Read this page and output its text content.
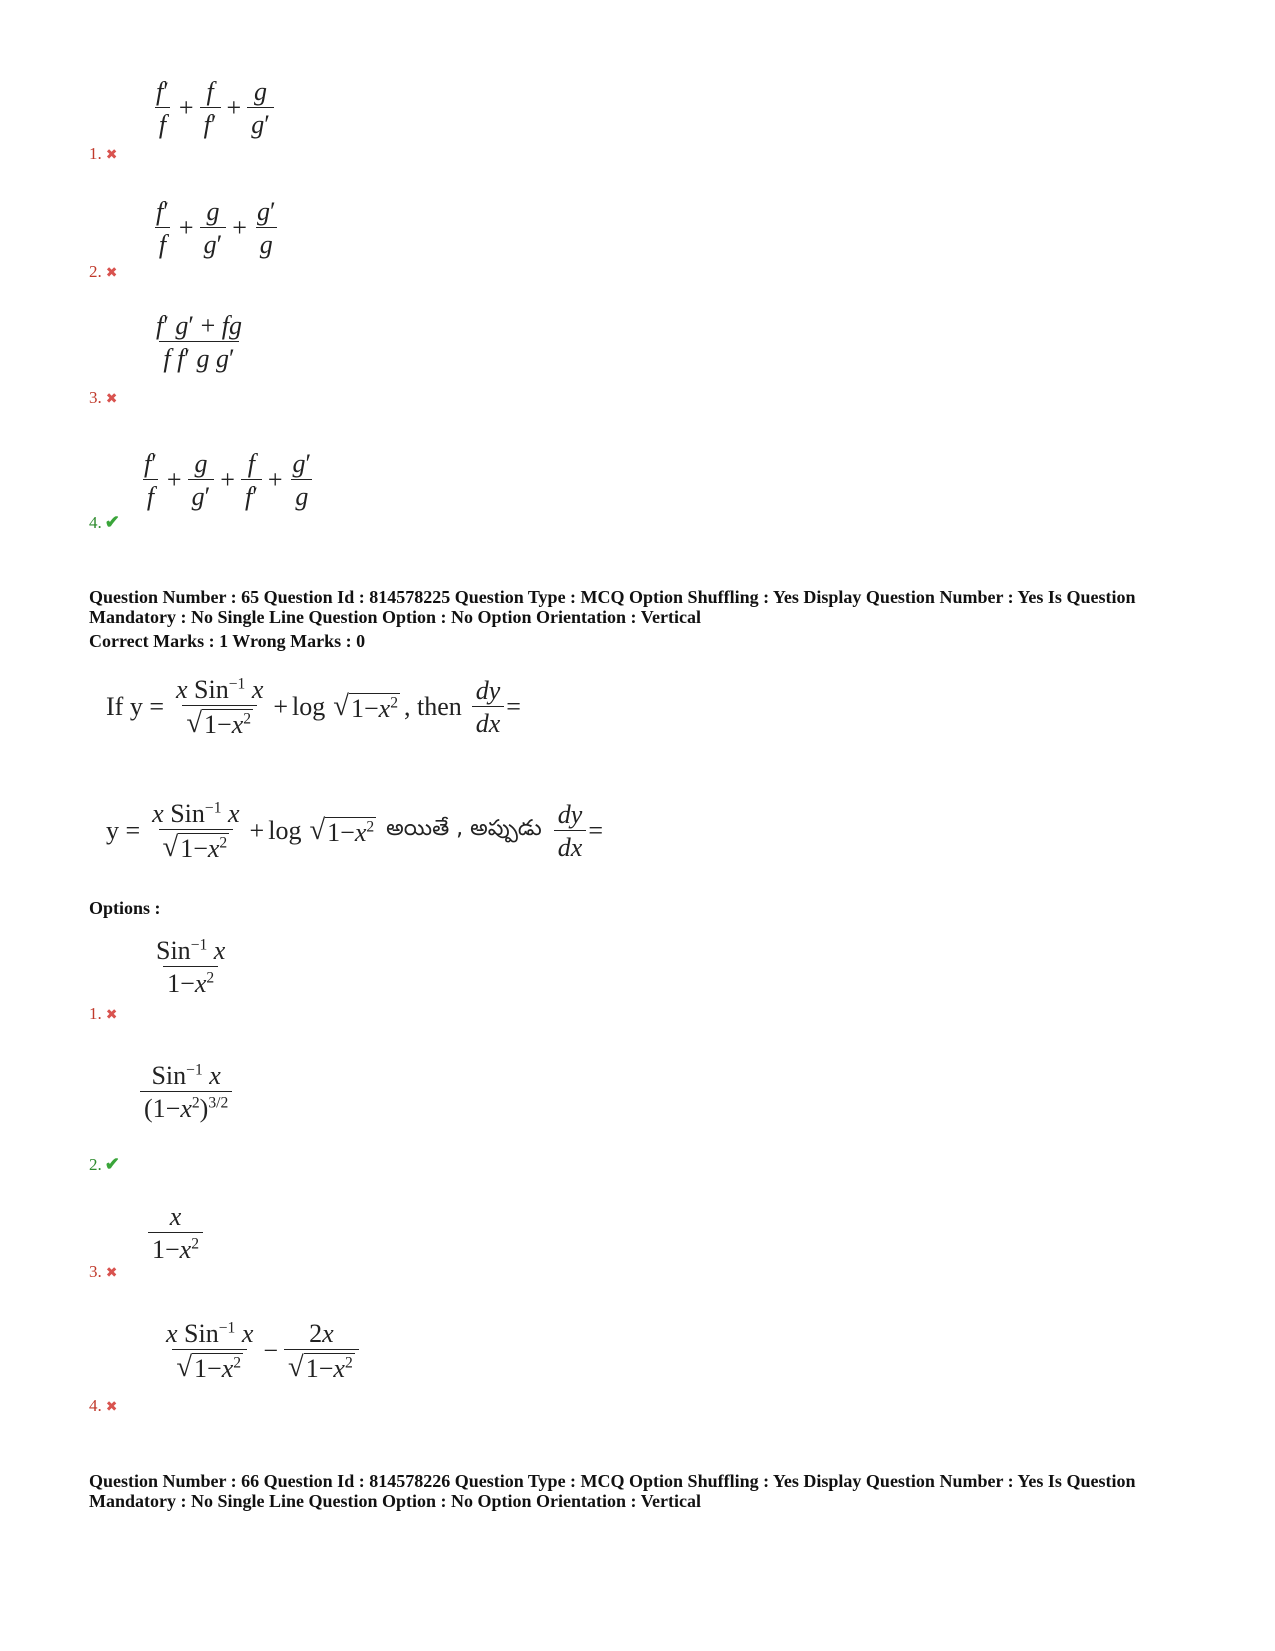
$\frac{f'}{f} + \frac{f}{f'} + \frac{g}{g'}$
1. ✖
$\frac{f'}{f} + \frac{g}{g'} + \frac{g'}{g}$
2. ✖
$\frac{f' g' + fg}{\text{f f′ g g′}}$
3. ✖
$\frac{f'}{f} + \frac{g}{g'} + \frac{f}{f'} + \frac{g'}{g}$
4. ✔
Question Number : 65 Question Id : 814578225 Question Type : MCQ Option Shuffling : Yes Display Question Number : Yes Is Question
Mandatory : No Single Line Question Option : No Option Orientation : Vertical
Correct Marks : 1 Wrong Marks : 0
If $y = \frac{x Sin^{-1} x}{√ 1-x^2} + \log$ √ $1-x^2$ , then $\frac{dy}{dx}$ =
$y = \frac{x Sin^{-1} x}{√ 1-x^2} + \log$ √ $1-x^2$ అయితే , అప్పుడు $\frac{dy}{dx}$ =
Options :
$\frac{Sin^{-1} x}{1-x^2}$
1. ✖
$\frac{Sin^{-1} x}{(1-x^2)^{3/2}}$
2. ✔
$\frac{x}{1-x^2}$
3. ✖
$\frac{x Sin^{-1} x}{√ 1-x^2} - \frac{2x}{√ 1-x^2}$
4. ✖
Question Number : 66 Question Id : 814578226 Question Type : MCQ Option Shuffling : Yes Display Question Number : Yes Is Question
Mandatory : No Single Line Question Option : No Option Orientation : Vertical
